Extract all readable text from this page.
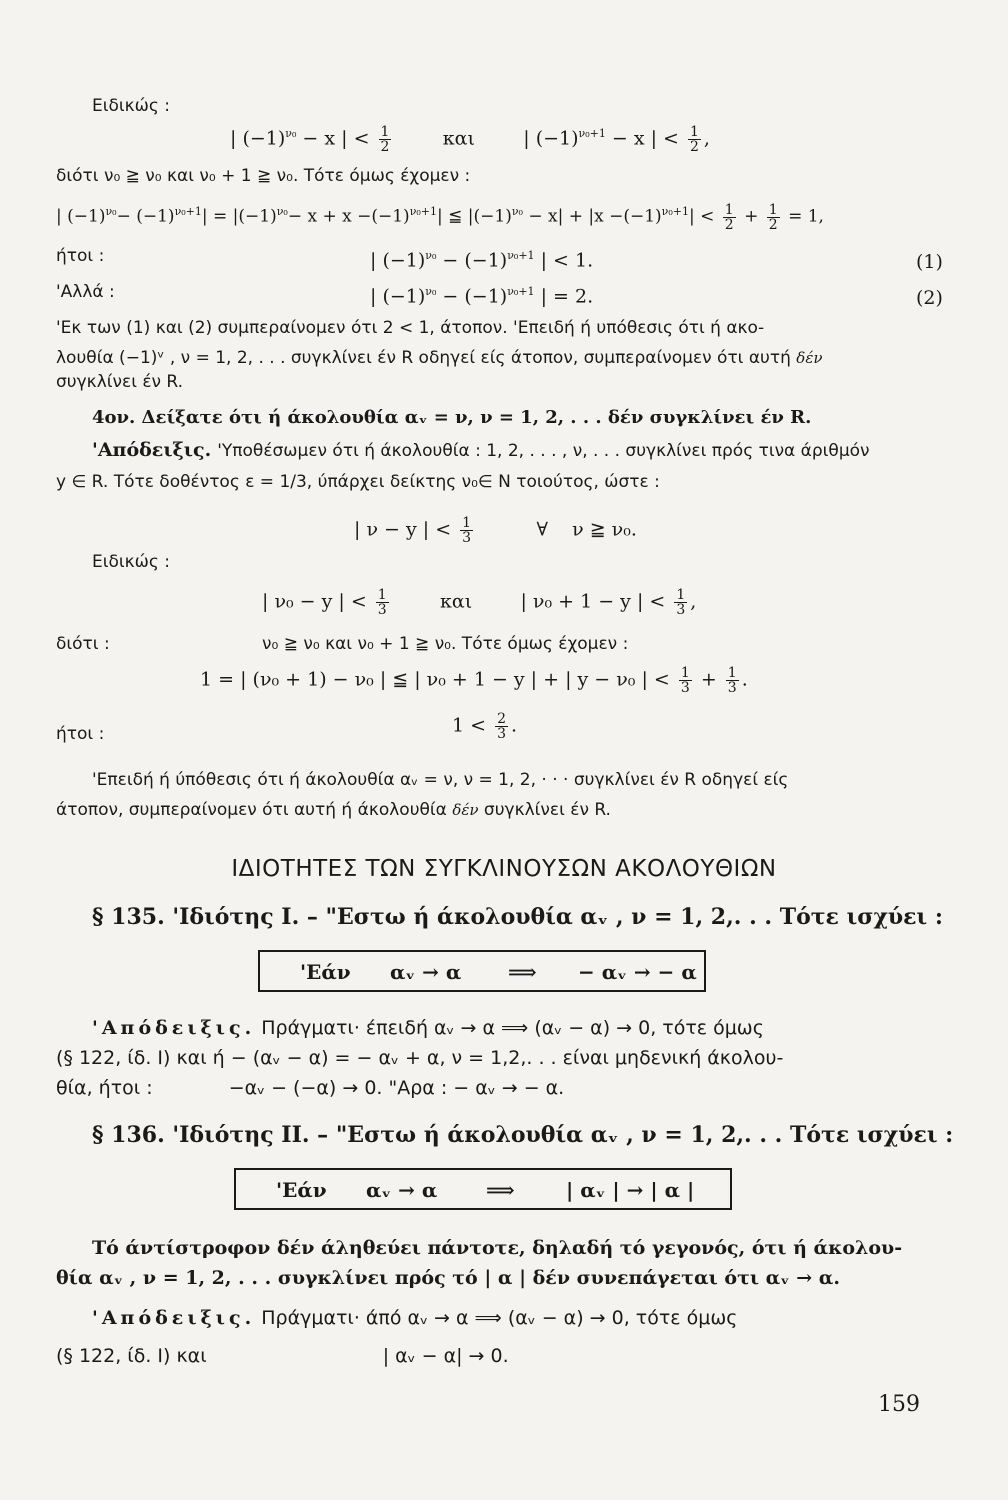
Ειδικώς :
| $(-1)^{\nu_0} - x$ | < $\frac{1}{2}$ και        | $(-1)^{\nu_0+1} - x$ | < $\frac{1}{2}$ ,
διότι ν₀ ≧ ν₀ και ν₀ + 1 ≧ ν₀. Τότε όμως έχομεν :
| $(-1)^{\nu_0}- (-1)^{\nu_0+1}| = |(-1)^{\nu_0}- x + x -(-1)^{\nu_0+1}|$ ≦ $|(-1)^{\nu_0} - x| + |x -(-1)^{\nu_0+1}| < \frac{1}{2} + \frac{1}{2} = 1$,
ήτοι :	| $(-1)^{\nu_0} - (-1)^{\nu_0+1}$ | < 1.	(1)
'Αλλά :	| $(-1)^{\nu_0} - (-1)^{\nu_0+1}$ | = 2.	(2)
'Εκ των (1) και (2) συμπεραίνομεν ότι 2 < 1, άτοπον. 'Επειδή ή υπόθεσις ότι ή ακο-
λουθία (−1)ᵛ , ν = 1, 2, . . . συγκλίνει έν R οδηγεί είς άτοπον, συμπεραίνομεν ότι αυτή δέν
συγκλίνει έν R.
4ον. Δείξατε ότι ή άκολουθία αᵥ = ν, ν = 1, 2, . . . δέν συγκλίνει έν R.
'Απόδειξις. 'Υποθέσωμεν ότι ή άκολουθία : 1, 2, . . . , ν, . . . συγκλίνει πρός τινα άριθμόν
y ∈ R. Τότε δοθέντος ε = 1/3, ύπάρχει δείκτης ν₀∈ N τοιούτος, ώστε :
| ν − y | < $\frac{1}{3}$ ∀    ν ≧ ν₀.
Ειδικώς :
| ν₀ − y | < $\frac{1}{3}$ και        | ν₀ + 1 − y | < $\frac{1}{3}$ ,
διότι :	ν₀ ≧ ν₀ και ν₀ + 1 ≧ ν₀. Τότε όμως έχομεν :
1 = | (ν₀ + 1) − ν₀ | ≦ | ν₀ + 1 − y | + | y − ν₀ | < $\frac{1}{3} + \frac{1}{3}$ .
ήτοι :	$1 < \frac{2}{3}$ .
'Επειδή ή ύπόθεσις ότι ή άκολουθία αᵥ = ν, ν = 1, 2, · · · συγκλίνει έν R οδηγεί είς
άτοπον, συμπεραίνομεν ότι αυτή ή άκολουθία δέν συγκλίνει έν R.
ΙΔΙΟΤΗΤΕΣ ΤΩΝ ΣΥΓΚΛΙΝΟΥΣΩΝ ΑΚΟΛΟΥΘΙΩΝ
§ 135. 'Ιδιότης Ι. – "Εστω ή άκολουθία αᵥ , ν = 1, 2,. . . Τότε ισχύει :
'Εάν αᵥ → α ⟹ − αᵥ → − α
'Απόδειξις. Πράγματι· έπειδή αᵥ → α ⟹ (αᵥ − α) → 0, τότε όμως
(§ 122, ίδ. Ι) και ή − (αᵥ − α) = − αᵥ + α, ν = 1,2,. . . είναι μηδενική άκολου-
θία, ήτοι :	−αᵥ − (−α) → 0. "Αρα : − αᵥ → − α.
§ 136. 'Ιδιότης ΙΙ. – "Εστω ή άκολουθία αᵥ , ν = 1, 2,. . . Τότε ισχύει :
'Εάν αᵥ → α ⟹	| αᵥ | → | α |
Τό άντίστροφον δέν άληθεύει πάντοτε, δηλαδή τό γεγονός, ότι ή άκολου-
θία αᵥ , ν = 1, 2, . . . συγκλίνει πρός τό | α | δέν συνεπάγεται ότι αᵥ → α.
'Απόδειξις. Πράγματι· άπό αᵥ → α ⟹ (αᵥ − α) → 0, τότε όμως
(§ 122, ίδ. Ι) και	| αᵥ − α| → 0.
159
